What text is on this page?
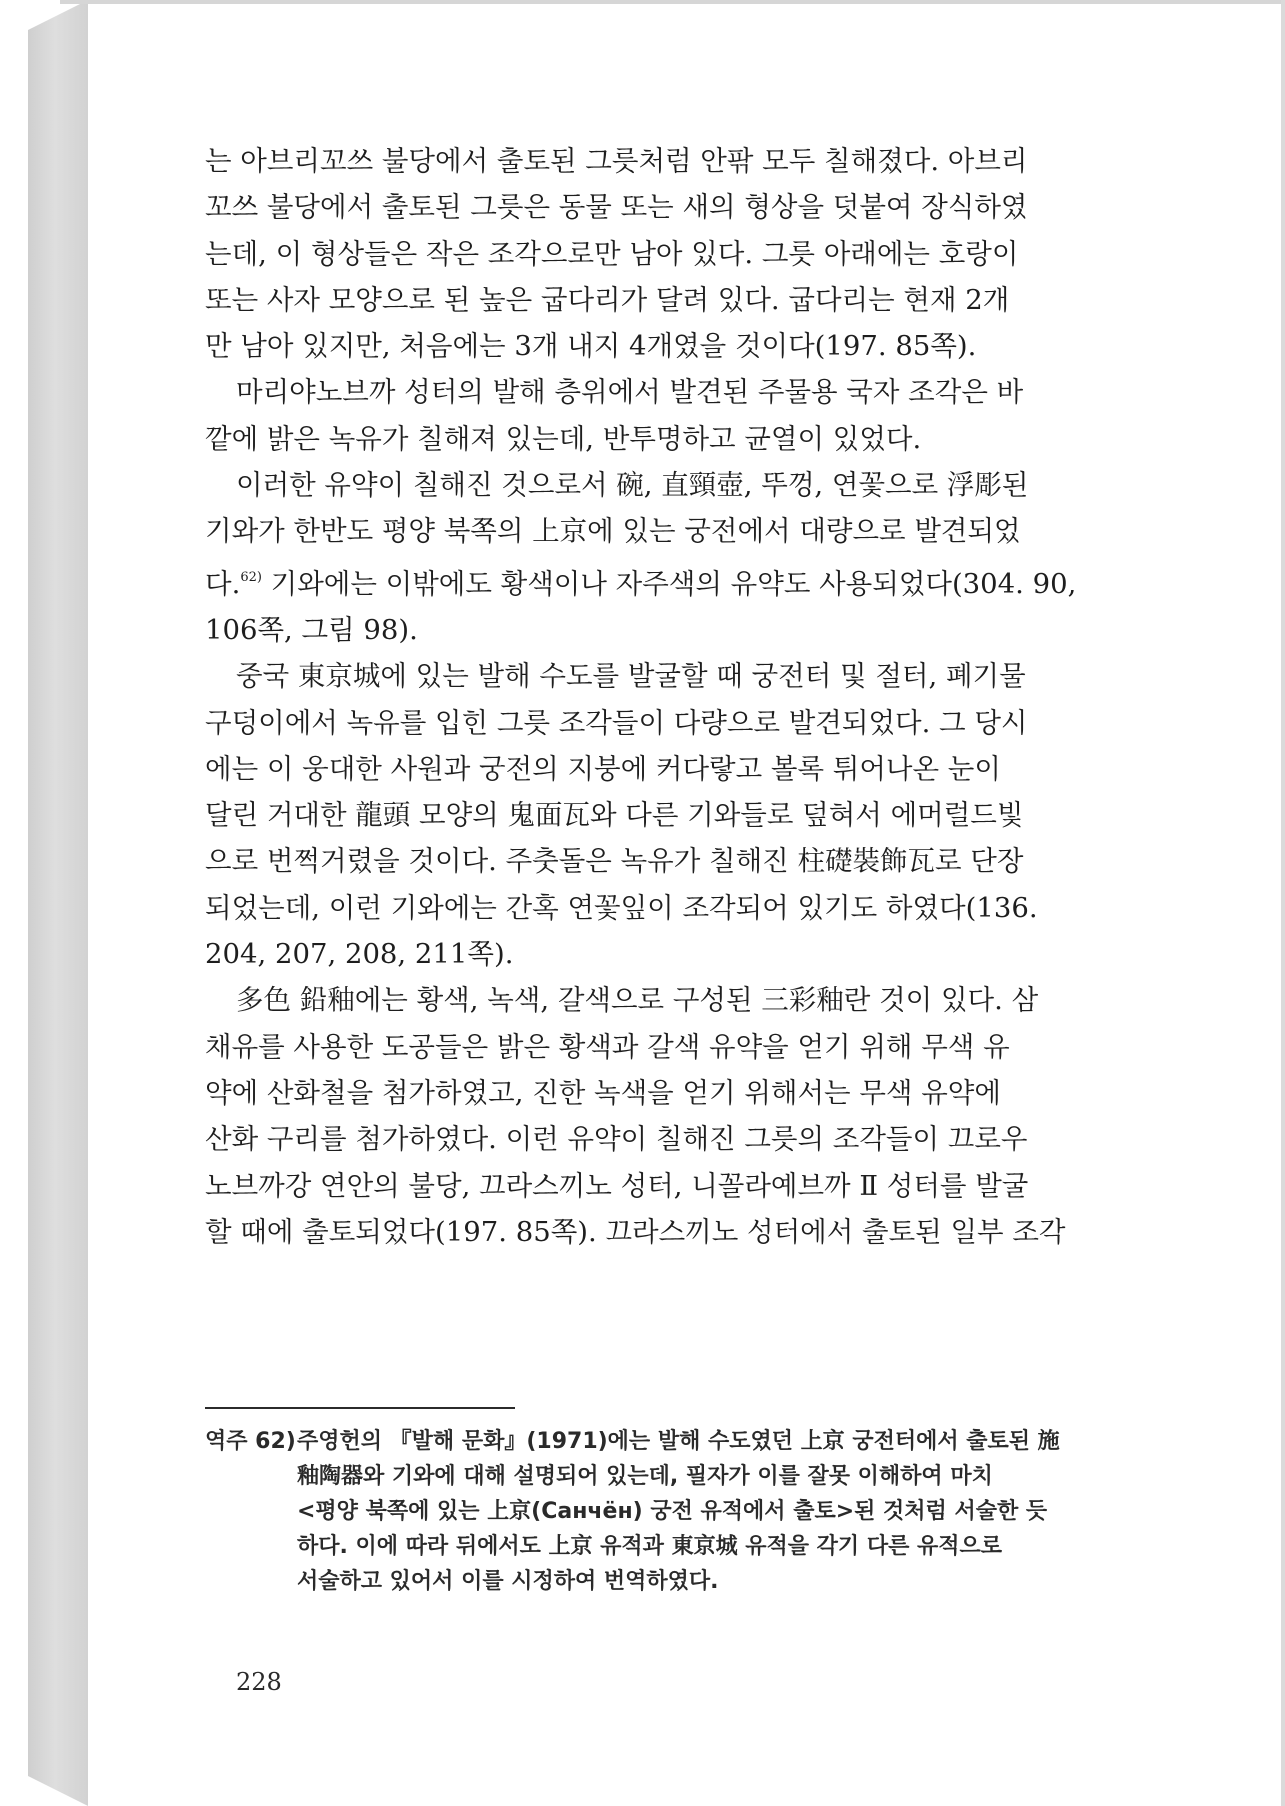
는 아브리꼬쓰 불당에서 출토된 그릇처럼 안팎 모두 칠해졌다. 아브리
꼬쓰 불당에서 출토된 그릇은 동물 또는 새의 형상을 덧붙여 장식하였
는데, 이 형상들은 작은 조각으로만 남아 있다. 그릇 아래에는 호랑이
또는 사자 모양으로 된 높은 굽다리가 달려 있다. 굽다리는 현재 2개
만 남아 있지만, 처음에는 3개 내지 4개였을 것이다(197. 85쪽).

마리야노브까 성터의 발해 층위에서 발견된 주물용 국자 조각은 바
깥에 밝은 녹유가 칠해져 있는데, 반투명하고 균열이 있었다.

이러한 유약이 칠해진 것으로서 碗, 直頸壺, 뚜껑, 연꽃으로 浮彫된
기와가 한반도 평양 북쪽의 上京에 있는 궁전에서 대량으로 발견되었
다.$^{62)}$ 기와에는 이밖에도 황색이나 자주색의 유약도 사용되었다(304. 90,
106쪽, 그림 98).

중국 東京城에 있는 발해 수도를 발굴할 때 궁전터 및 절터, 폐기물
구덩이에서 녹유를 입힌 그릇 조각들이 다량으로 발견되었다. 그 당시
에는 이 웅대한 사원과 궁전의 지붕에 커다랗고 볼록 튀어나온 눈이
달린 거대한 龍頭 모양의 鬼面瓦와 다른 기와들로 덮혀서 에머럴드빛
으로 번쩍거렸을 것이다. 주춧돌은 녹유가 칠해진 柱礎裝飾瓦로 단장
되었는데, 이런 기와에는 간혹 연꽃잎이 조각되어 있기도 하였다(136.
204, 207, 208, 211쪽).

多色 鉛釉에는 황색, 녹색, 갈색으로 구성된 三彩釉란 것이 있다. 삼
채유를 사용한 도공들은 밝은 황색과 갈색 유약을 얻기 위해 무색 유
약에 산화철을 첨가하였고, 진한 녹색을 얻기 위해서는 무색 유약에
산화 구리를 첨가하였다. 이런 유약이 칠해진 그릇의 조각들이 끄로우
노브까강 연안의 불당, 끄라스끼노 성터, 니꼴라예브까 Ⅱ 성터를 발굴
할 때에 출토되었다(197. 85쪽). 끄라스끼노 성터에서 출토된 일부 조각

역주 62) 주영헌의 『발해 문화』(1971)에는 발해 수도였던 上京 궁전터에서 출토된 施
釉陶器와 기와에 대해 설명되어 있는데, 필자가 이를 잘못 이해하여 마치
<평양 북쪽에 있는 上京(Санчён) 궁전 유적에서 출토>된 것처럼 서술한 듯
하다. 이에 따라 뒤에서도 上京 유적과 東京城 유적을 각기 다른 유적으로
서술하고 있어서 이를 시정하여 번역하였다.
228
